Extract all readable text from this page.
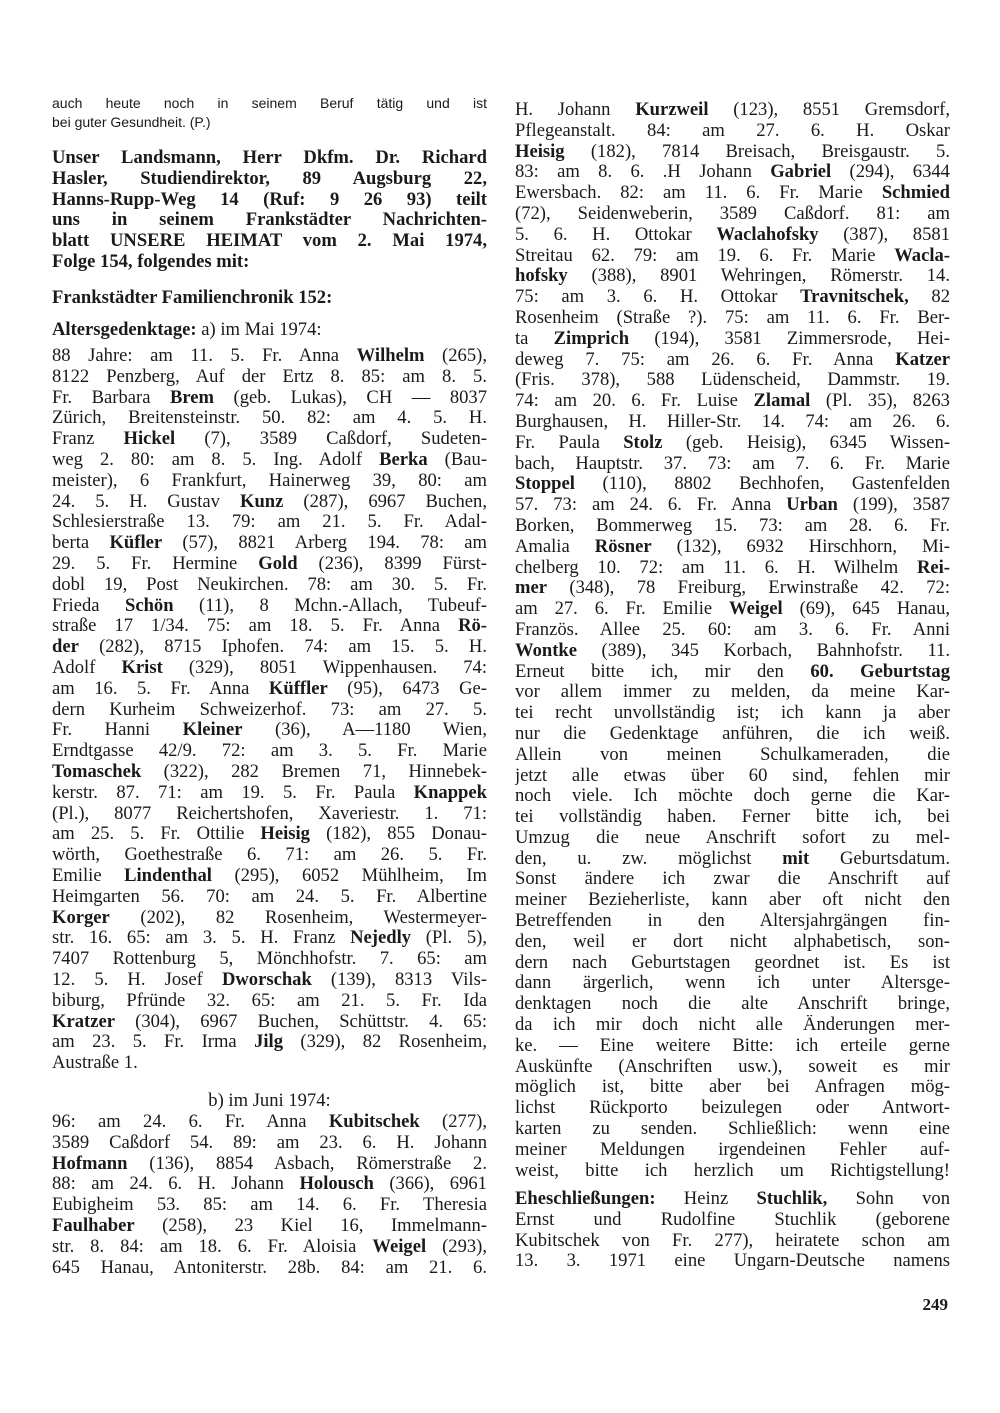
auch heute noch in seinem Beruf tätig und ist
bei guter Gesundheit. (P.)
Unser Landsmann, Herr Dkfm. Dr. Richard
Hasler, Studiendirektor, 89 Augsburg 22,
Hanns-Rupp-Weg 14 (Ruf: 9 26 93) teilt
uns in seinem Frankstädter Nachrichten-
blatt UNSERE HEIMAT vom 2. Mai 1974,
Folge 154, folgendes mit:
Frankstädter Familienchronik 152:
Altersgedenktage: a) im Mai 1974:
88 Jahre: am 11. 5. Fr. Anna Wilhelm (265),
8122 Penzberg, Auf der Ertz 8. 85: am 8. 5.
Fr. Barbara Brem (geb. Lukas), CH — 8037
Zürich, Breitensteinstr. 50. 82: am 4. 5. H.
Franz Hickel (7), 3589 Caßdorf, Sudeten-
weg 2. 80: am 8. 5. Ing. Adolf Berka (Bau-
meister), 6 Frankfurt, Hainerweg 39, 80: am
24. 5. H. Gustav Kunz (287), 6967 Buchen,
Schlesierstraße 13. 79: am 21. 5. Fr. Adal-
berta Küfler (57), 8821 Arberg 194. 78: am
29. 5. Fr. Hermine Gold (236), 8399 Fürst-
dobl 19, Post Neukirchen. 78: am 30. 5. Fr.
Frieda Schön (11), 8 Mchn.-Allach, Tubeuf-
straße 17 1/34. 75: am 18. 5. Fr. Anna Rö-
der (282), 8715 Iphofen. 74: am 15. 5. H.
Adolf Krist (329), 8051 Wippenhausen. 74:
am 16. 5. Fr. Anna Küffler (95), 6473 Ge-
dern Kurheim Schweizerhof. 73: am 27. 5.
Fr. Hanni Kleiner (36), A—1180 Wien,
Erndtgasse 42/9. 72: am 3. 5. Fr. Marie
Tomaschek (322), 282 Bremen 71, Hinnebek-
kerstr. 87. 71: am 19. 5. Fr. Paula Knappek
(Pl.), 8077 Reichertshofen, Xaveriestr. 1. 71:
am 25. 5. Fr. Ottilie Heisig (182), 855 Donau-
wörth, Goethestraße 6. 71: am 26. 5. Fr.
Emilie Lindenthal (295), 6052 Mühlheim, Im
Heimgarten 56. 70: am 24. 5. Fr. Albertine
Korger (202), 82 Rosenheim, Westermeyer-
str. 16. 65: am 3. 5. H. Franz Nejedly (Pl. 5),
7407 Rottenburg 5, Mönchhofstr. 7. 65: am
12. 5. H. Josef Dworschak (139), 8313 Vils-
biburg, Pfründe 32. 65: am 21. 5. Fr. Ida
Kratzer (304), 6967 Buchen, Schüttstr. 4. 65:
am 23. 5. Fr. Irma Jilg (329), 82 Rosenheim,
Austraße 1.
b) im Juni 1974:
96: am 24. 6. Fr. Anna Kubitschek (277),
3589 Caßdorf 54. 89: am 23. 6. H. Johann
Hofmann (136), 8854 Asbach, Römerstraße 2.
88: am 24. 6. H. Johann Holousch (366), 6961
Eubigheim 53. 85: am 14. 6. Fr. Theresia
Faulhaber (258), 23 Kiel 16, Immelmann-
str. 8. 84: am 18. 6. Fr. Aloisia Weigel (293),
645 Hanau, Antoniterstr. 28b. 84: am 21. 6.
H. Johann Kurzweil (123), 8551 Gremsdorf,
Pflegeanstalt. 84: am 27. 6. H. Oskar
Heisig (182), 7814 Breisach, Breisgaustr. 5.
83: am 8. 6. .H Johann Gabriel (294), 6344
Ewersbach. 82: am 11. 6. Fr. Marie Schmied
(72), Seidenweberin, 3589 Caßdorf. 81: am
5. 6. H. Ottokar Waclahofsky (387), 8581
Streitau 62. 79: am 19. 6. Fr. Marie Wacla-
hofsky (388), 8901 Wehringen, Römerstr. 14.
75: am 3. 6. H. Ottokar Travnitschek, 82
Rosenheim (Straße ?). 75: am 11. 6. Fr. Ber-
ta Zimprich (194), 3581 Zimmersrode, Hei-
deweg 7. 75: am 26. 6. Fr. Anna Katzer
(Fris. 378), 588 Lüdenscheid, Dammstr. 19.
74: am 20. 6. Fr. Luise Zlamal (Pl. 35), 8263
Burghausen, H. Hiller-Str. 14. 74: am 26. 6.
Fr. Paula Stolz (geb. Heisig), 6345 Wissen-
bach, Hauptstr. 37. 73: am 7. 6. Fr. Marie
Stoppel (110), 8802 Bechhofen, Gastenfelden
57. 73: am 24. 6. Fr. Anna Urban (199), 3587
Borken, Bommerweg 15. 73: am 28. 6. Fr.
Amalia Rösner (132), 6932 Hirschhorn, Mi-
chelberg 10. 72: am 11. 6. H. Wilhelm Rei-
mer (348), 78 Freiburg, Erwinstraße 42. 72:
am 27. 6. Fr. Emilie Weigel (69), 645 Hanau,
Französ. Allee 25. 60: am 3. 6. Fr. Anni
Wontke (389), 345 Korbach, Bahnhofstr. 11.
Erneut bitte ich, mir den 60. Geburtstag
vor allem immer zu melden, da meine Kar-
tei recht unvollständig ist; ich kann ja aber
nur die Gedenktage anführen, die ich weiß.
Allein von meinen Schulkameraden, die
jetzt alle etwas über 60 sind, fehlen mir
noch viele. Ich möchte doch gerne die Kar-
tei vollständig haben. Ferner bitte ich, bei
Umzug die neue Anschrift sofort zu mel-
den, u. zw. möglichst mit Geburtsdatum.
Sonst ändere ich zwar die Anschrift auf
meiner Bezieherliste, kann aber oft nicht den
Betreffenden in den Altersjahrgängen fin-
den, weil er dort nicht alphabetisch, son-
dern nach Geburtstagen geordnet ist. Es ist
dann ärgerlich, wenn ich unter Altersge-
denktagen noch die alte Anschrift bringe,
da ich mir doch nicht alle Änderungen mer-
ke. — Eine weitere Bitte: ich erteile gerne
Auskünfte (Anschriften usw.), soweit es mir
möglich ist, bitte aber bei Anfragen mög-
lichst Rückporto beizulegen oder Antwort-
karten zu senden. Schließlich: wenn eine
meiner Meldungen irgendeinen Fehler auf-
weist, bitte ich herzlich um Richtigstellung!
Eheschließungen: Heinz Stuchlik, Sohn von
Ernst und Rudolfine Stuchlik (geborene
Kubitschek von Fr. 277), heiratete schon am
13. 3. 1971 eine Ungarn-Deutsche namens
249
